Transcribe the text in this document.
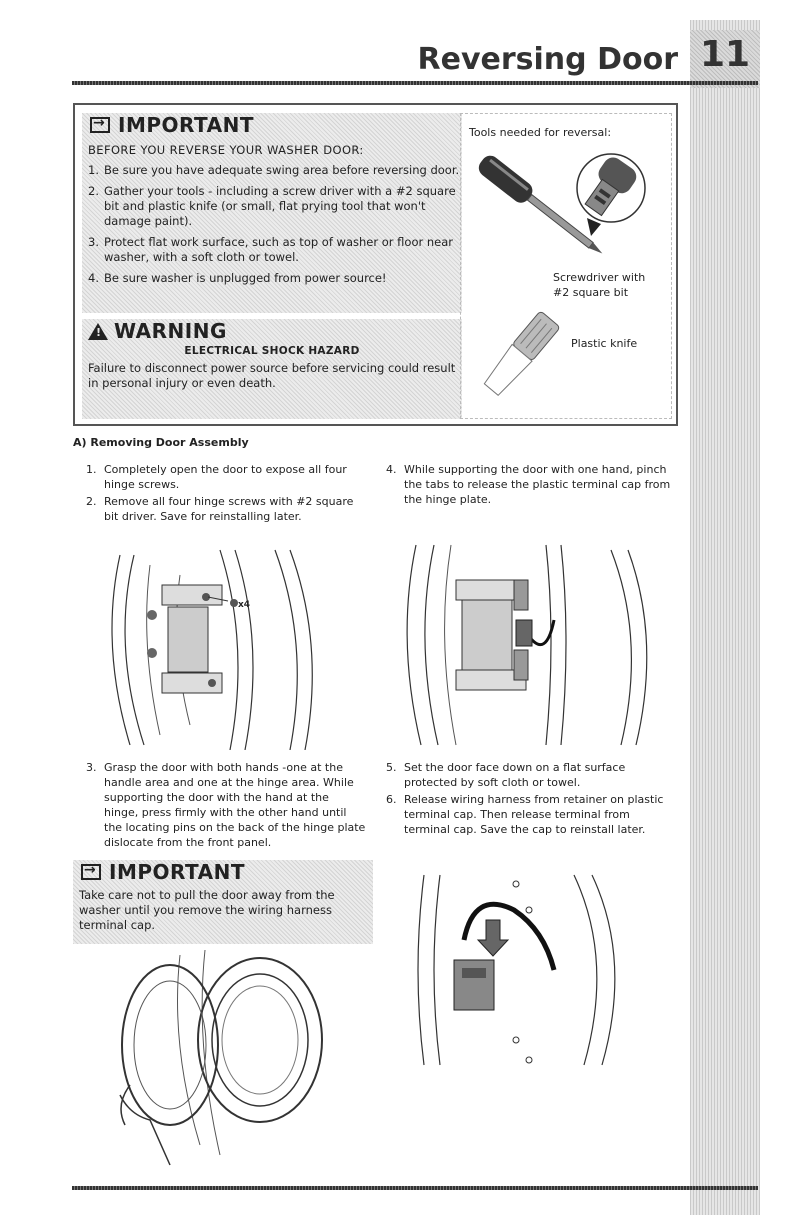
11
Reversing Door
→
IMPORTANT
BEFORE YOU REVERSE YOUR WASHER DOOR:
1. Be sure you have adequate swing area before reversing door.
2. Gather your tools - including a screw driver with a #2 square bit and plastic knife (or small, flat prying tool that won't damage paint).
3. Protect flat work surface, such as top of washer or floor near washer, with a soft cloth or towel.
4. Be sure washer is unplugged from power source!
!
WARNING
ELECTRICAL SHOCK HAZARD
Failure to disconnect power source before servicing could result in personal injury or even death.
Tools needed for reversal:
Screwdriver with #2 square bit
Plastic knife
A) Removing Door Assembly
1. Completely open the door to expose all four hinge screws.
2. Remove all four hinge screws with #2 square bit driver. Save for reinstalling later.
4. While supporting the door with one hand, pinch the tabs to release the plastic terminal cap from the hinge plate.
x4
3. Grasp the door with both hands -one at the handle area and one at the hinge area. While supporting the door with the hand at the hinge, press firmly with the other hand until the locating pins on the back of the hinge plate dislocate from the front panel.
5. Set the door face down on a flat surface protected by soft cloth or towel.
6. Release wiring harness from retainer on plastic terminal cap. Then release terminal from terminal cap. Save the cap to reinstall later.
→
IMPORTANT
Take care not to pull the door away from the washer until you remove the wiring harness terminal cap.
